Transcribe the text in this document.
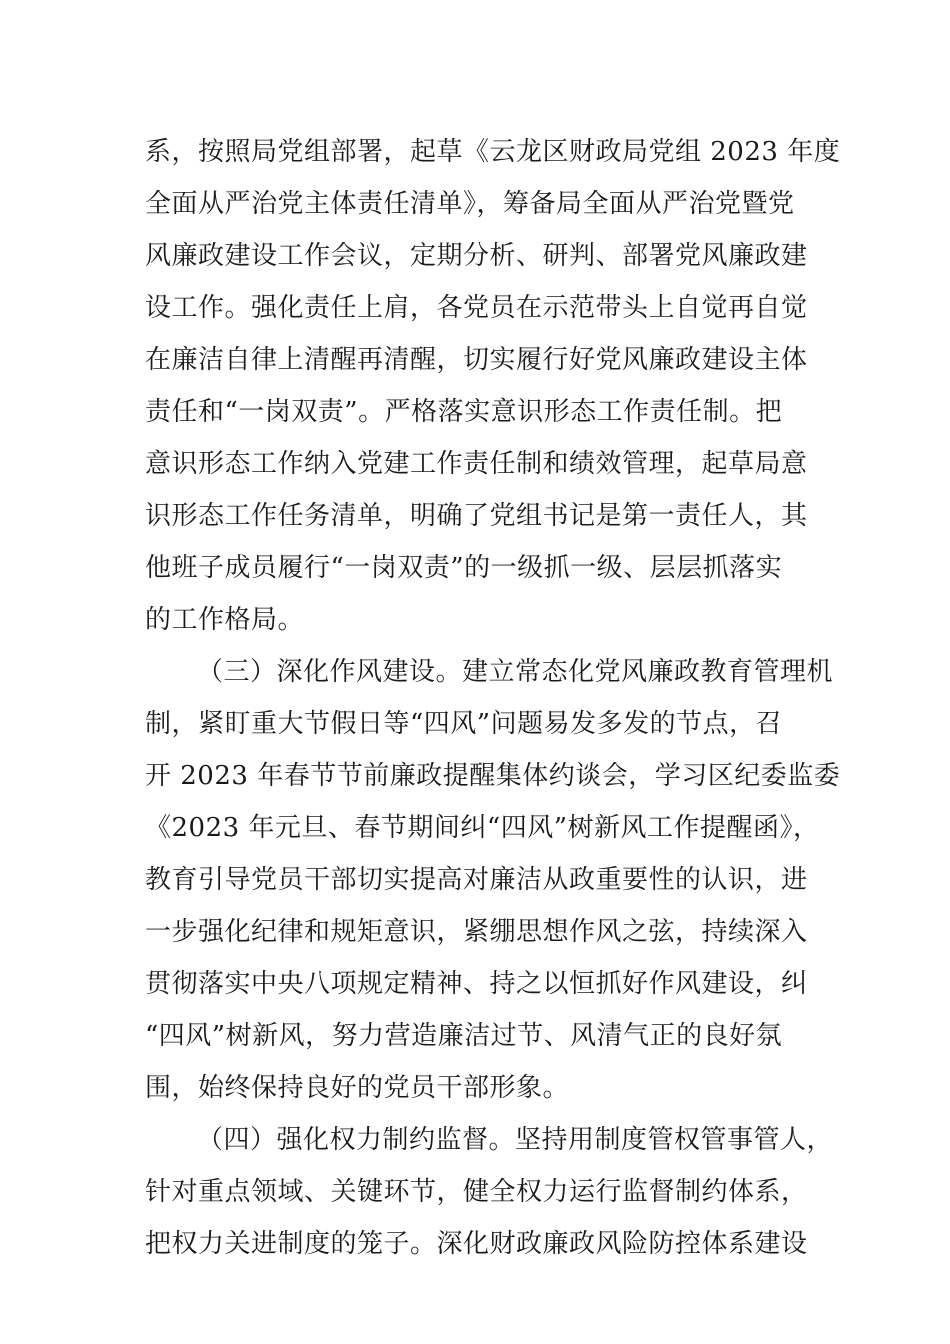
系，按照局党组部署，起草《云龙区财政局党组 2023 年度
全面从严治党主体责任清单》，筹备局全面从严治党暨党
风廉政建设工作会议，定期分析、研判、部署党风廉政建
设工作。强化责任上肩，各党员在示范带头上自觉再自觉
在廉洁自律上清醒再清醒，切实履行好党风廉政建设主体
责任和“一岗双责”。严格落实意识形态工作责任制。把
意识形态工作纳入党建工作责任制和绩效管理，起草局意
识形态工作任务清单，明确了党组书记是第一责任人，其
他班子成员履行“一岗双责”的一级抓一级、层层抓落实
的工作格局。
（三）深化作风建设。建立常态化党风廉政教育管理机
制，紧盯重大节假日等“四风”问题易发多发的节点，召
开 2023 年春节节前廉政提醒集体约谈会，学习区纪委监委
《2023 年元旦、春节期间纠“四风”树新风工作提醒函》，
教育引导党员干部切实提高对廉洁从政重要性的认识，进
一步强化纪律和规矩意识，紧绷思想作风之弦，持续深入
贯彻落实中央八项规定精神、持之以恒抓好作风建设，纠
“四风”树新风，努力营造廉洁过节、风清气正的良好氛
围，始终保持良好的党员干部形象。
（四）强化权力制约监督。坚持用制度管权管事管人，
针对重点领域、关键环节，健全权力运行监督制约体系，
把权力关进制度的笼子。深化财政廉政风险防控体系建设
